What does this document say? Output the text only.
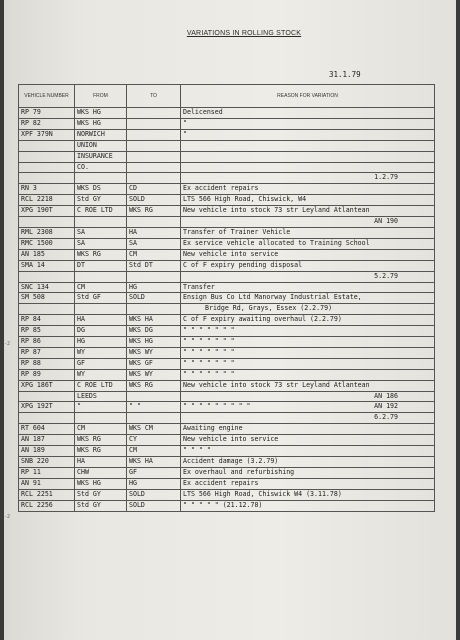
VARIATIONS IN ROLLING STOCK
31.1.79
-2
-2
VEHICLE NUMBER	FROM	TO	REASON FOR VARIATION
RP 79	WKS HG		Delicensed
RP 82	WKS HG		"
XPF 379N	NORWICH		"
	UNION		
	INSURANCE		
	CO.		
			1.2.79
RN 3	WKS DS	CD	Ex accident repairs
RCL 2218	Std GY	SOLD	LTS 566 High Road, Chiswick, W4
XPG 190T	C ROE LTD	WKS RG	New vehicle into stock 73 str Leyland Atlantean
			AN 190
RML 2308	SA	HA	Transfer of Trainer Vehicle
RMC 1500	SA	SA	Ex service vehicle allocated to Training School
AN 185	WKS RG	CM	New vehicle into service
SMA 14	DT	Std DT	C of F expiry pending disposal
			5.2.79
SNC 134	CM	HG	Transfer
SM 508	Std GF	SOLD	Ensign Bus Co Ltd Manorway Industrial Estate,
			Bridge Rd, Grays, Essex (2.2.79)
RP 84	HA	WKS HA	C of F expiry awaiting overhaul (2.2.79)
RP 85	DG	WKS DG	" " " " " " "
RP 86	HG	WKS HG	" " " " " " "
RP 87	WY	WKS WY	" " " " " " "
RP 88	GF	WKS GF	" " " " " " "
RP 89	WY	WKS WY	" " " " " " "
XPG 186T	C ROE LTD	WKS RG	New vehicle into stock 73 str Leyland Atlantean
	LEEDS		AN 186
XPG 192T	"	" "	" " " " " " " " " AN 192

			6.2.79
RT 604	CM	WKS CM	Awaiting engine
AN 187	WKS RG	CY	New vehicle into service
AN 189	WKS RG	CM	" " " "
SNB 220	HA	WKS HA	Accident damage (3.2.79)
RP 11	CHW	GF	Ex overhaul and refurbishing
AN 91	WKS HG	HG	Ex accident repairs
RCL 2251	Std GY	SOLD	LTS 566 High Road, Chiswick W4 (3.11.78)
RCL 2256	Std GY	SOLD	" " " " " (21.12.78)
